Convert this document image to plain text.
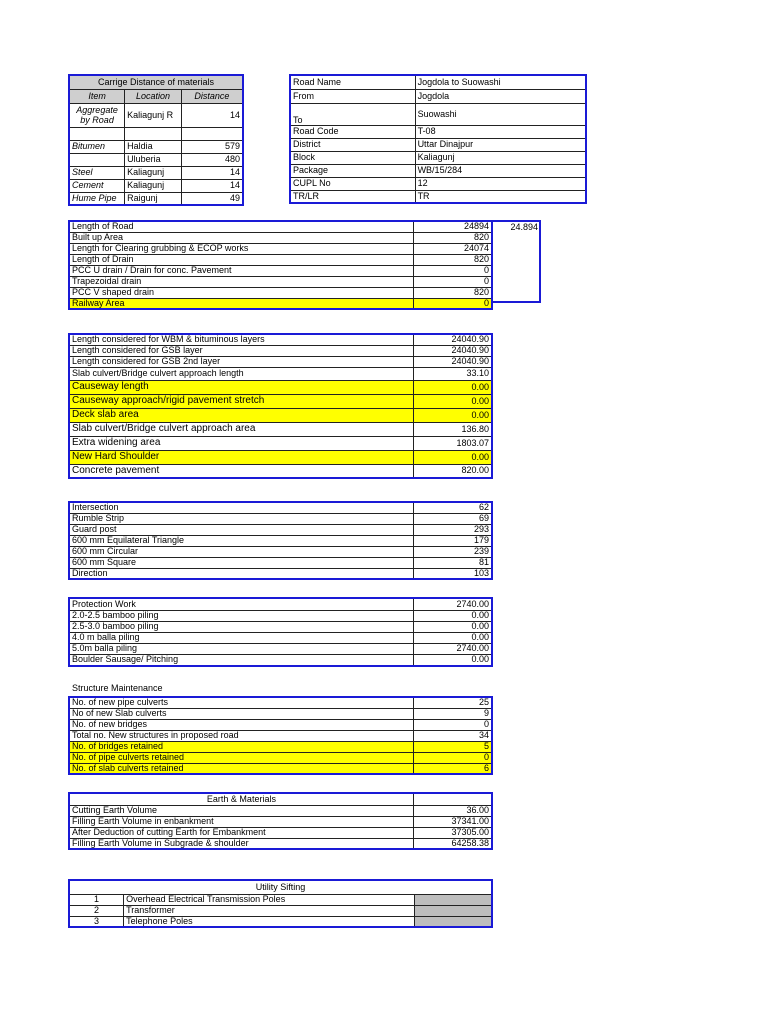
Carrige Distance of materials		
Item	Location	Distance
Aggregate by Road	Kaliagunj R	14

Bitumen	Haldia	579
	Uluberia	480
Steel	Kaliagunj	14
Cement	Kaliagunj	14
Hume Pipe	Raigunj	49
Road Name	Jogdola to Suowashi
From	Jogdola
To	Suowashi
Road Code	T-08
District	Uttar Dinajpur
Block	Kaliagunj
Package	WB/15/284
CUPL No	12
TR/LR	TR
24.894
Length of Road	24894
Built up Area	820
Length for Clearing grubbing & ECOP works	24074
Length of Drain	820
PCC U drain / Drain for conc. Pavement	0
Trapezoidal drain	0
PCC V shaped drain	820
Railway Area	0
Length considered for WBM & bituminous layers	24040.90
Length considered for GSB layer	24040.90
Length considered for GSB 2nd layer	24040.90
Slab culvert/Bridge culvert approach length	33.10
Causeway length	0.00
Causeway approach/rigid pavement stretch	0.00
Deck slab area	0.00
Slab culvert/Bridge culvert approach area	136.80
Extra widening area	1803.07
New Hard Shoulder	0.00
Concrete pavement	820.00
Intersection	62
Rumble Strip	69
Guard post	293
600 mm Equilateral Triangle	179
600 mm Circular	239
600 mm Square	81
Direction	103
Protection Work	2740.00
2.0-2.5 bamboo piling	0.00
2.5-3.0 bamboo piling	0.00
4.0 m balla piling	0.00
5.0m balla piling	2740.00
Boulder Sausage/ Pitching	0.00
Structure Maintenance
No. of new pipe culverts	25
No of new Slab culverts	9
No. of new bridges	0
Total no. New structures in proposed road	34
No. of bridges retained	5
No. of pipe culverts retained	0
No. of slab culverts retained	6
Earth & Materials	
Cutting Earth Volume	36.00
Filling Earth Volume in enbankment	37341.00
After Deduction of cutting Earth for Embankment	37305.00
Filling Earth Volume in Subgrade & shoulder	64258.38
Utility Sifting		
1	Overhead Electrical Transmission Poles	
2	Transformer	
3	Telephone Poles	
